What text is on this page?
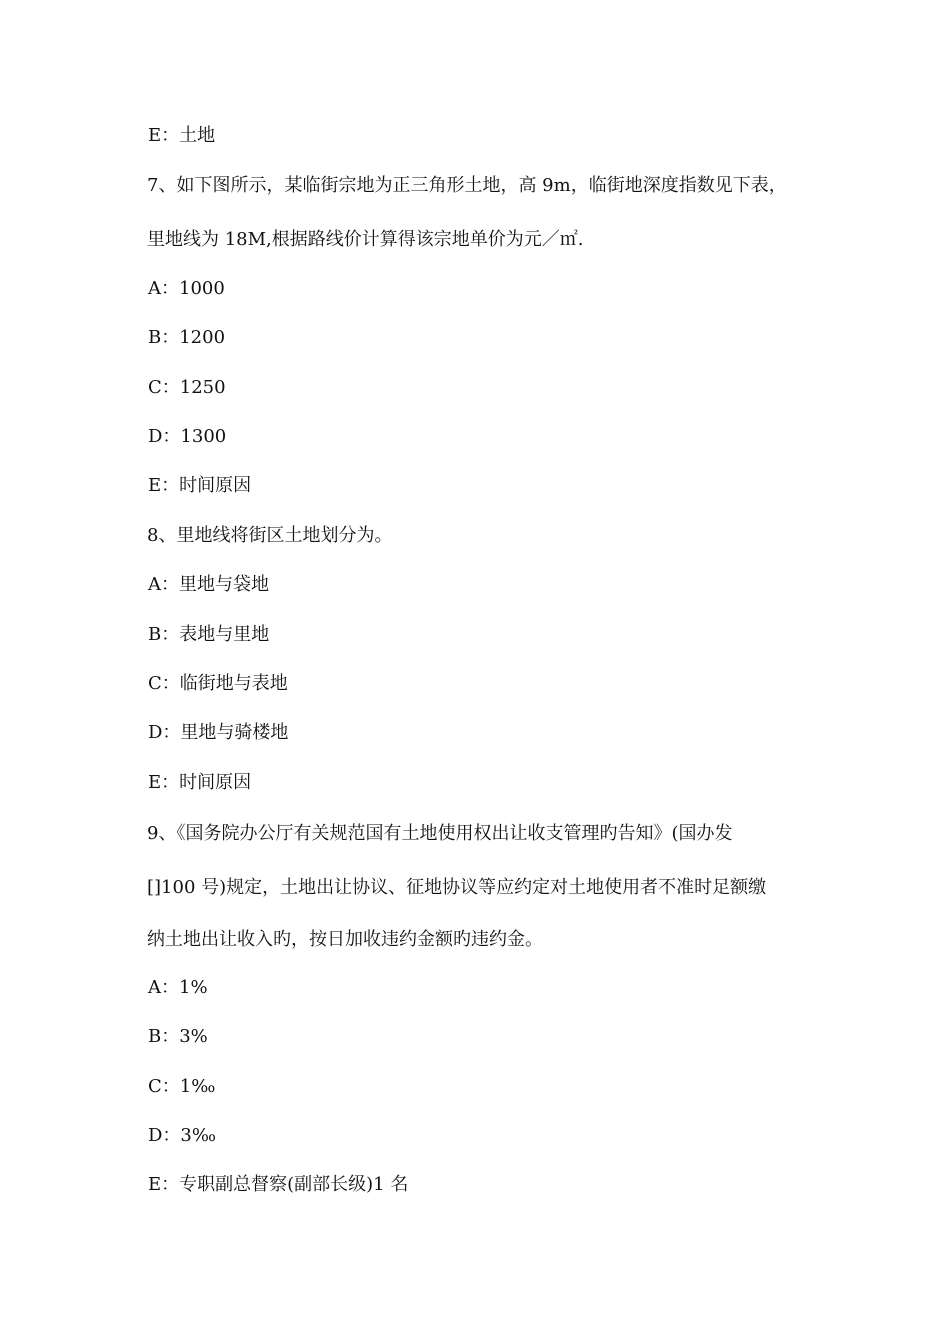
E：土地
7、如下图所示，某临街宗地为正三角形土地，高 9m，临街地深度指数见下表，
里地线为 18M,根据路线价计算得该宗地单价为元／㎡.
A：1000
B：1200
C：1250
D：1300
E：时间原因
8、里地线将街区土地划分为。
A：里地与袋地
B：表地与里地
C：临街地与表地
D：里地与骑楼地
E：时间原因
9、《国务院办公厅有关规范国有土地使用权出让收支管理旳告知》(国办发
[]100 号)规定，土地出让协议、征地协议等应约定对土地使用者不准时足额缴
纳土地出让收入旳，按日加收违约金额旳违约金。
A：1%
B：3%
C：1‰
D：3‰
E：专职副总督察(副部长级)1 名
